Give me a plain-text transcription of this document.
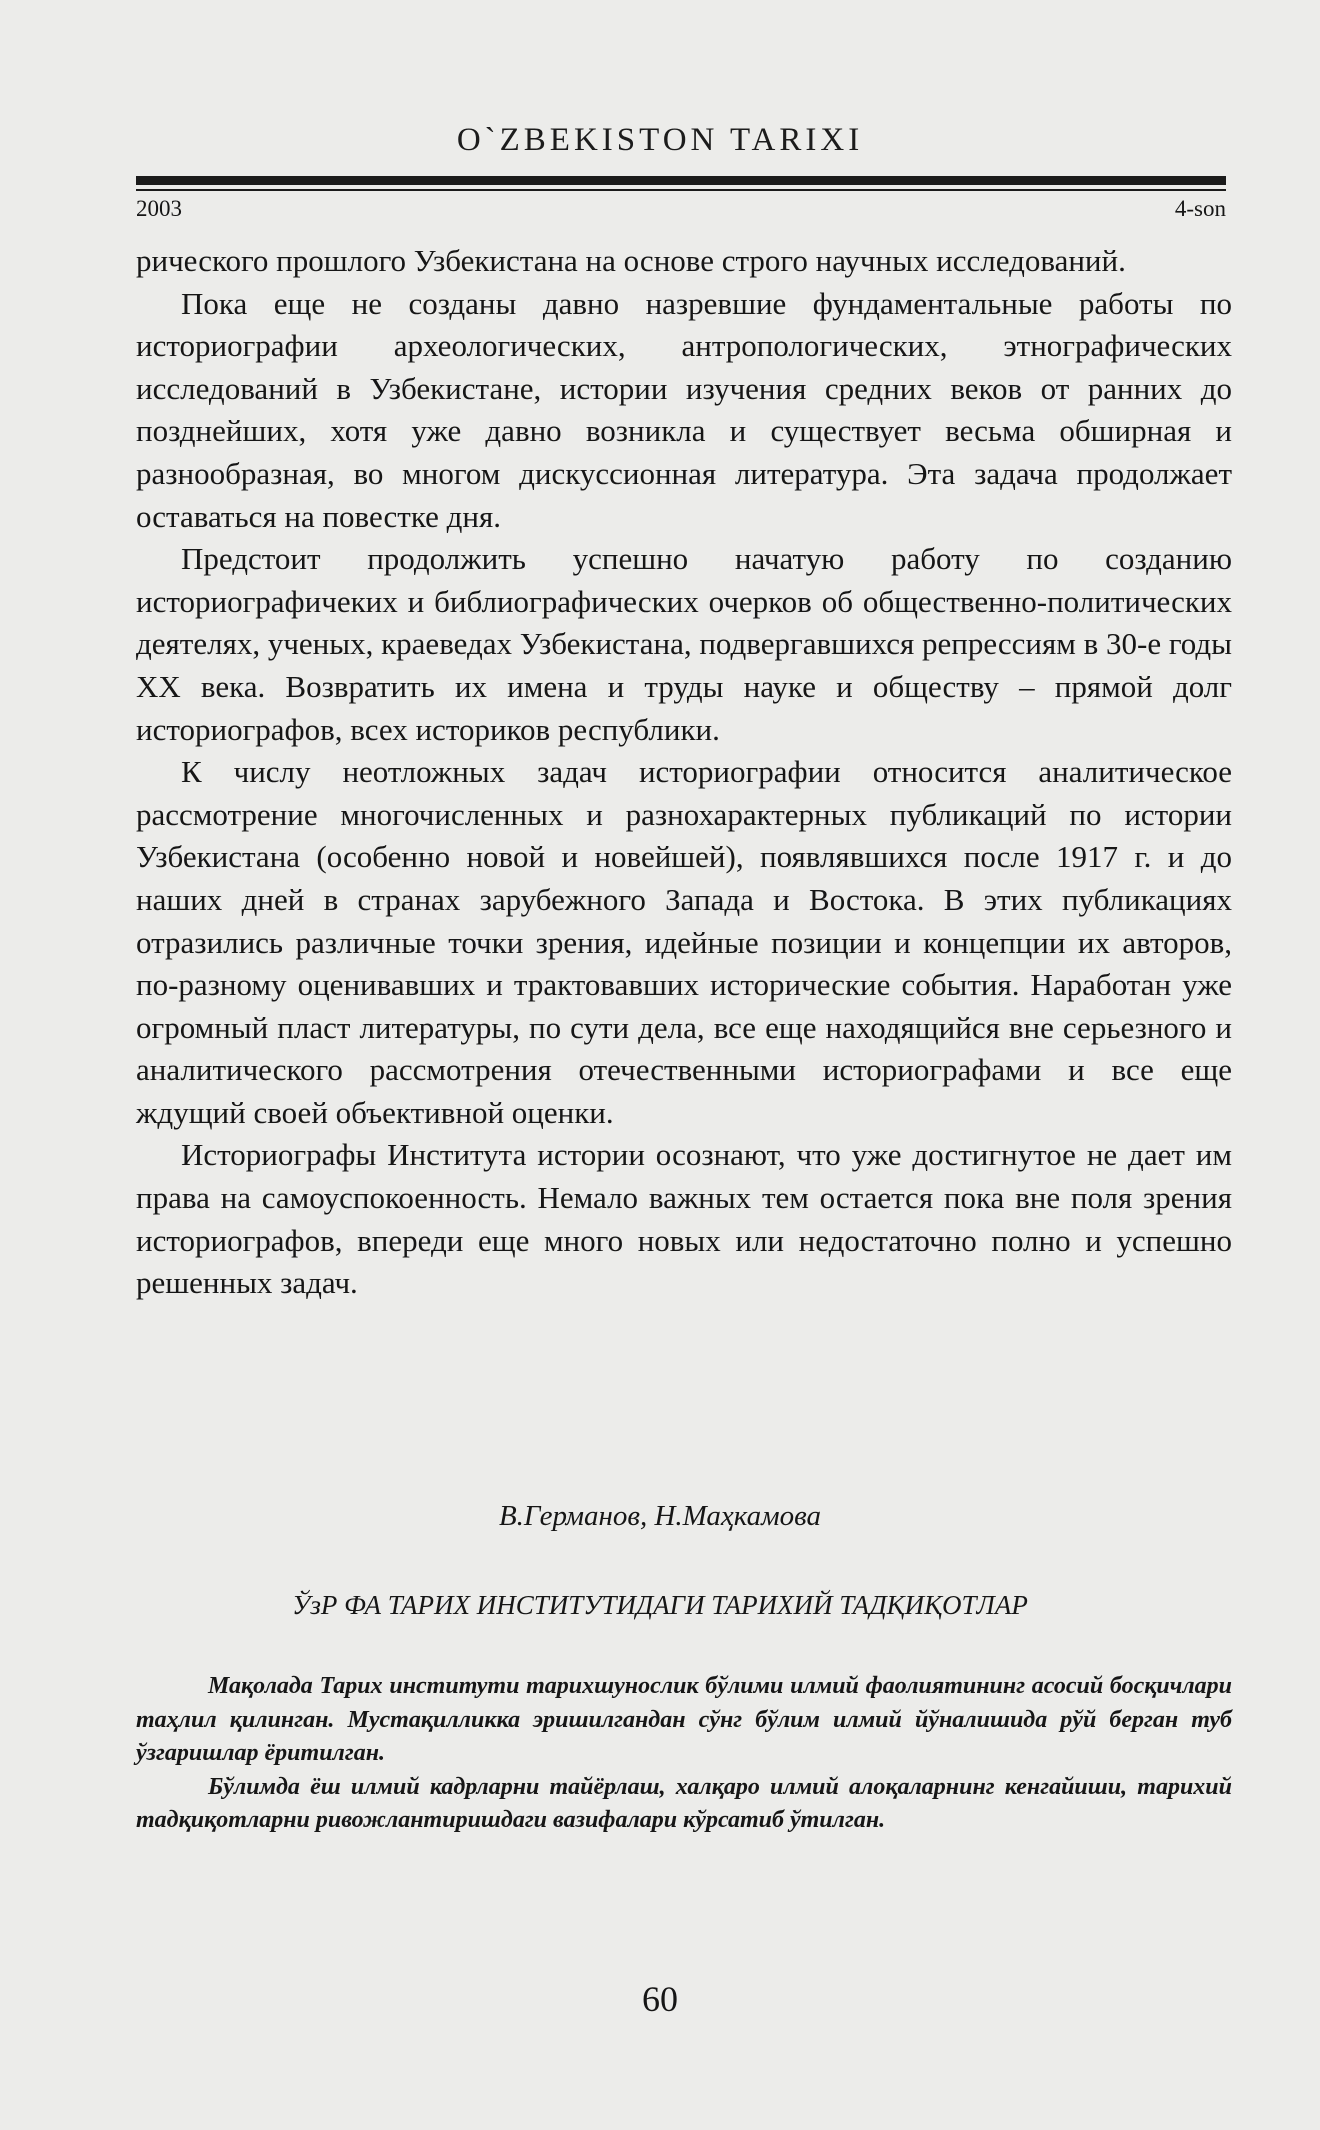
O`ZBEKISTON TARIXI
2003	4-son

рического прошлого Узбекистана на основе строго научных исследований.

Пока еще не созданы давно назревшие фундаментальные работы по историографии археологических, антропологических, этнографических исследований в Узбекистане, истории изучения средних веков от ранних до позднейших, хотя уже давно возникла и существует весьма обширная и разнообразная, во многом дискуссионная литература. Эта задача продолжает оставаться на повестке дня.

Предстоит продолжить успешно начатую работу по созданию историографичеких и библиографических очерков об общественно-политических деятелях, ученых, краеведах Узбекистана, подвергавшихся репрессиям в 30-е годы XX века. Возвратить их имена и труды науке и обществу – прямой долг историографов, всех историков республики.

К числу неотложных задач историографии относится аналитическое рассмотрение многочисленных и разнохарактерных публикаций по истории Узбекистана (особенно новой и новейшей), появлявшихся после 1917 г. и до наших дней в странах зарубежного Запада и Востока. В этих публикациях отразились различные точки зрения, идейные позиции и концепции их авторов, по-разному оценивавших и трактовавших исторические события. Наработан уже огромный пласт литературы, по сути дела, все еще находящийся вне серьезного и аналитического рассмотрения отечественными историографами и все еще ждущий своей объективной оценки.

Историографы Института истории осознают, что уже достигнутое не дает им права на самоуспокоенность. Немало важных тем остается пока вне поля зрения историографов, впереди еще много новых или недостаточно полно и успешно решенных задач.

В.Германов, Н.Маҳкамова
ЎзР ФА ТАРИХ ИНСТИТУТИДАГИ ТАРИХИЙ ТАДҚИҚОТЛАР

Мақолада Тарих институти тарихшунослик бўлими илмий фаолиятининг асосий босқичлари таҳлил қилинган. Мустақилликка эришилгандан сўнг бўлим илмий йўналишида рўй берган туб ўзгаришлар ёритилган.

Бўлимда ёш илмий кадрларни тайёрлаш, халқаро илмий алоқаларнинг кенгайиши, тарихий тадқиқотларни ривожлантиришдаги вазифалари кўрсатиб ўтилган.

60
